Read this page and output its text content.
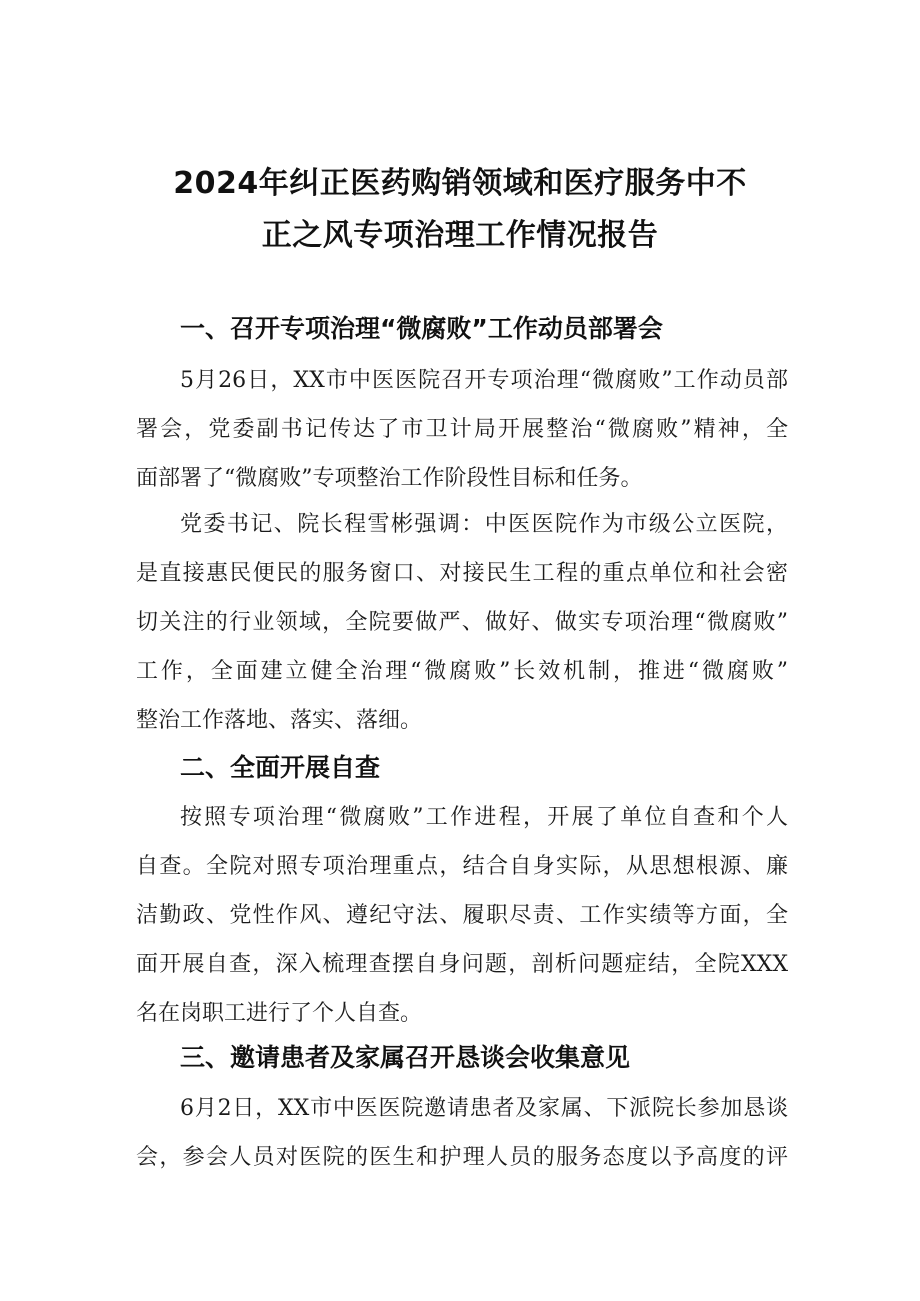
2024年纠正医药购销领域和医疗服务中不
正之风专项治理工作情况报告
一、召开专项治理“微腐败”工作动员部署会
5月26日，XX市中医医院召开专项治理“微腐败”工作动员部
署会，党委副书记传达了市卫计局开展整治“微腐败”精神，全
面部署了“微腐败”专项整治工作阶段性目标和任务。
党委书记、院长程雪彬强调：中医医院作为市级公立医院，
是直接惠民便民的服务窗口、对接民生工程的重点单位和社会密
切关注的行业领域，全院要做严、做好、做实专项治理“微腐败”
工作，全面建立健全治理“微腐败”长效机制，推进“微腐败”
整治工作落地、落实、落细。
二、全面开展自查
按照专项治理“微腐败”工作进程，开展了单位自查和个人
自查。全院对照专项治理重点，结合自身实际，从思想根源、廉
洁勤政、党性作风、遵纪守法、履职尽责、工作实绩等方面，全
面开展自查，深入梳理查摆自身问题，剖析问题症结，全院XXX
名在岗职工进行了个人自查。
三、邀请患者及家属召开恳谈会收集意见
6月2日，XX市中医医院邀请患者及家属、下派院长参加恳谈
会，参会人员对医院的医生和护理人员的服务态度以予高度的评
